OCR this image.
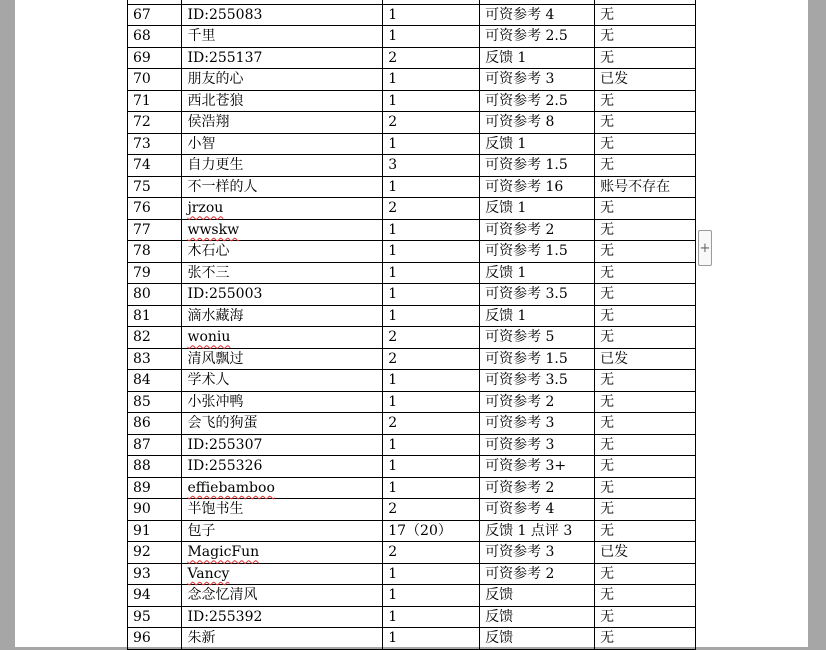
67	ID:255083	1	可资参考 4	无
68	千里	1	可资参考 2.5	无
69	ID:255137	2	反馈 1	无
70	朋友的心	1	可资参考 3	已发
71	西北苍狼	1	可资参考 2.5	无
72	侯浩翔	2	可资参考 8	无
73	小智	1	反馈 1	无
74	自力更生	3	可资参考 1.5	无
75	不一样的人	1	可资参考 16	账号不存在
76	jrzou	2	反馈 1	无
77	wwskw	1	可资参考 2	无
78	木石心	1	可资参考 1.5	无
79	张不三	1	反馈 1	无
80	ID:255003	1	可资参考 3.5	无
81	滴水藏海	1	反馈 1	无
82	woniu	2	可资参考 5	无
83	清风飘过	2	可资参考 1.5	已发
84	学术人	1	可资参考 3.5	无
85	小张冲鸭	1	可资参考 2	无
86	会飞的狗蛋	2	可资参考 3	无
87	ID:255307	1	可资参考 3	无
88	ID:255326	1	可资参考 3+	无
89	effiebamboo	1	可资参考 2	无
90	半饱书生	2	可资参考 4	无
91	包子	17（20）	反馈 1 点评 3	无
92	MagicFun	2	可资参考 3	已发
93	Vancy	1	可资参考 2	无
94	念念忆清风	1	反馈	无
95	ID:255392	1	反馈	无
96	朱新	1	反馈	无
+
